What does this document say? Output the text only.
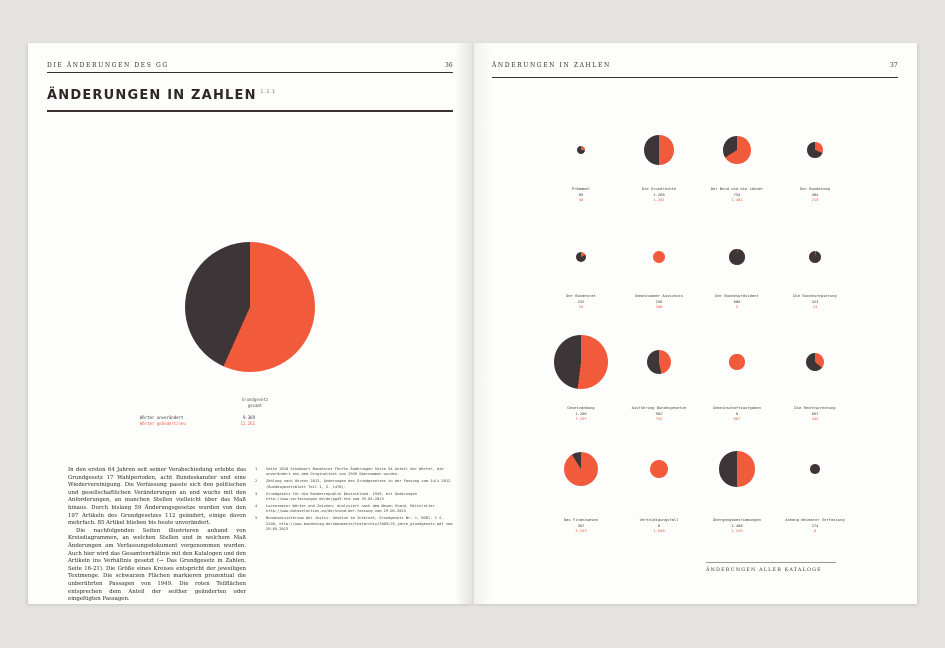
DIE ÄNDERUNGEN DES GG	36
ÄNDERUNGEN IN ZAHLEN $^{1.2.1}$
Grundgesetz
gesamt
Wörter unverändert	9.369
Wörter geändert/neu	12.261

In den ersten 64 Jahren seit seiner Verabschiedung erlebte das Grundgesetz 17 Wahlperioden, acht Bundeskanzler und eine Wiedervereinigung. Die Verfassung passte sich den politischen und gesellschaftlichen Veränderungen an und wuchs mit den Anforderungen, an manchen Stellen vielleicht über das Maß hinaus. Durch bislang 59 Änderungsgesetze wurden von den 197 Artikeln des Grundgesetzes 112 geändert, einige davon mehrfach. 85 Artikel blieben bis heute unverändert.

Die nachfolgenden Seiten illustrieren anhand von Kreisdiagrammen, an welchen Stellen und in welchem Maß Änderungen am Verfassungsdokument vorgenommen wurden. Auch hier wird das Gesamtverhältnis mit den Katalogen und den Artikeln ins Verhältnis gesetzt (→ Das Grundgesetz in Zahlen, Seite 16-21). Die Größe eines Kreises entspricht der jeweiligen Textmenge. Die schwarzen Flächen markieren prozentual die unberührten Passagen von 1949. Die roten Teilflächen entsprechen dem Anteil der seither geänderten oder eingefügten Passagen.

1	Seite 2018 Schubbart Bundesrat Fünfte Änderungen Seite 54 Anteil der Wörter, die unverändert aus dem Originaltext von 1949 übernommen wurden.
2	Zählung nach Ahrens 2013, Änderungen des Grundgesetzes in der Fassung vom Juli 2012 (Bundesgesetzblatt Teil I, S. 1478).
3	Grundgesetz für die Bundesrepublik Deutschland. 1949, mit Änderungen http://www.verfassungen.de/de/gg49.htm vom 29.05.2013
4	Lorenzmeier Wörter und Zeichen; Analysiert nach dem Neuen Stand, Mittelalter http://www.dataselection.eu/de/stand-der-fassung vom 29.05.2013
5	Bundesministerium der Justiz: Gesetze im Internet, Grundgesetz Nr. 1, BGBl. I S. 2248, http://www.bundestag.de/dokumente/textarchiv/2009/25_jahre_grundgesetz.pdf vom 29.05.2013
ÄNDERUNGEN IN ZAHLEN	37
Präambel
85
30
Die Grundrechte
1.268
1.281
Der Bund und die Länder
754
1.481
Der Bundestag
484
219
Der Bundesrat
252
55
Gemeinsamer Ausschuss
256
200
Der Bundespräsident
686
5
Die Bundesregierung
423
13
Gesetzgebung
1.286
7.297
Ausführung Bundesgesetze
902
792
Gemeinschaftsaufgaben
0
687
Die Rechtsprechung
667
345
Das Finanzwesen
307
3.253
Verteidigungsfall
0
1.030
Übergangsbestimmungen
2.408
1.219
Anhang Weimarer Verfassung
274
0
ÄNDERUNGEN ALLER KATALOGE
